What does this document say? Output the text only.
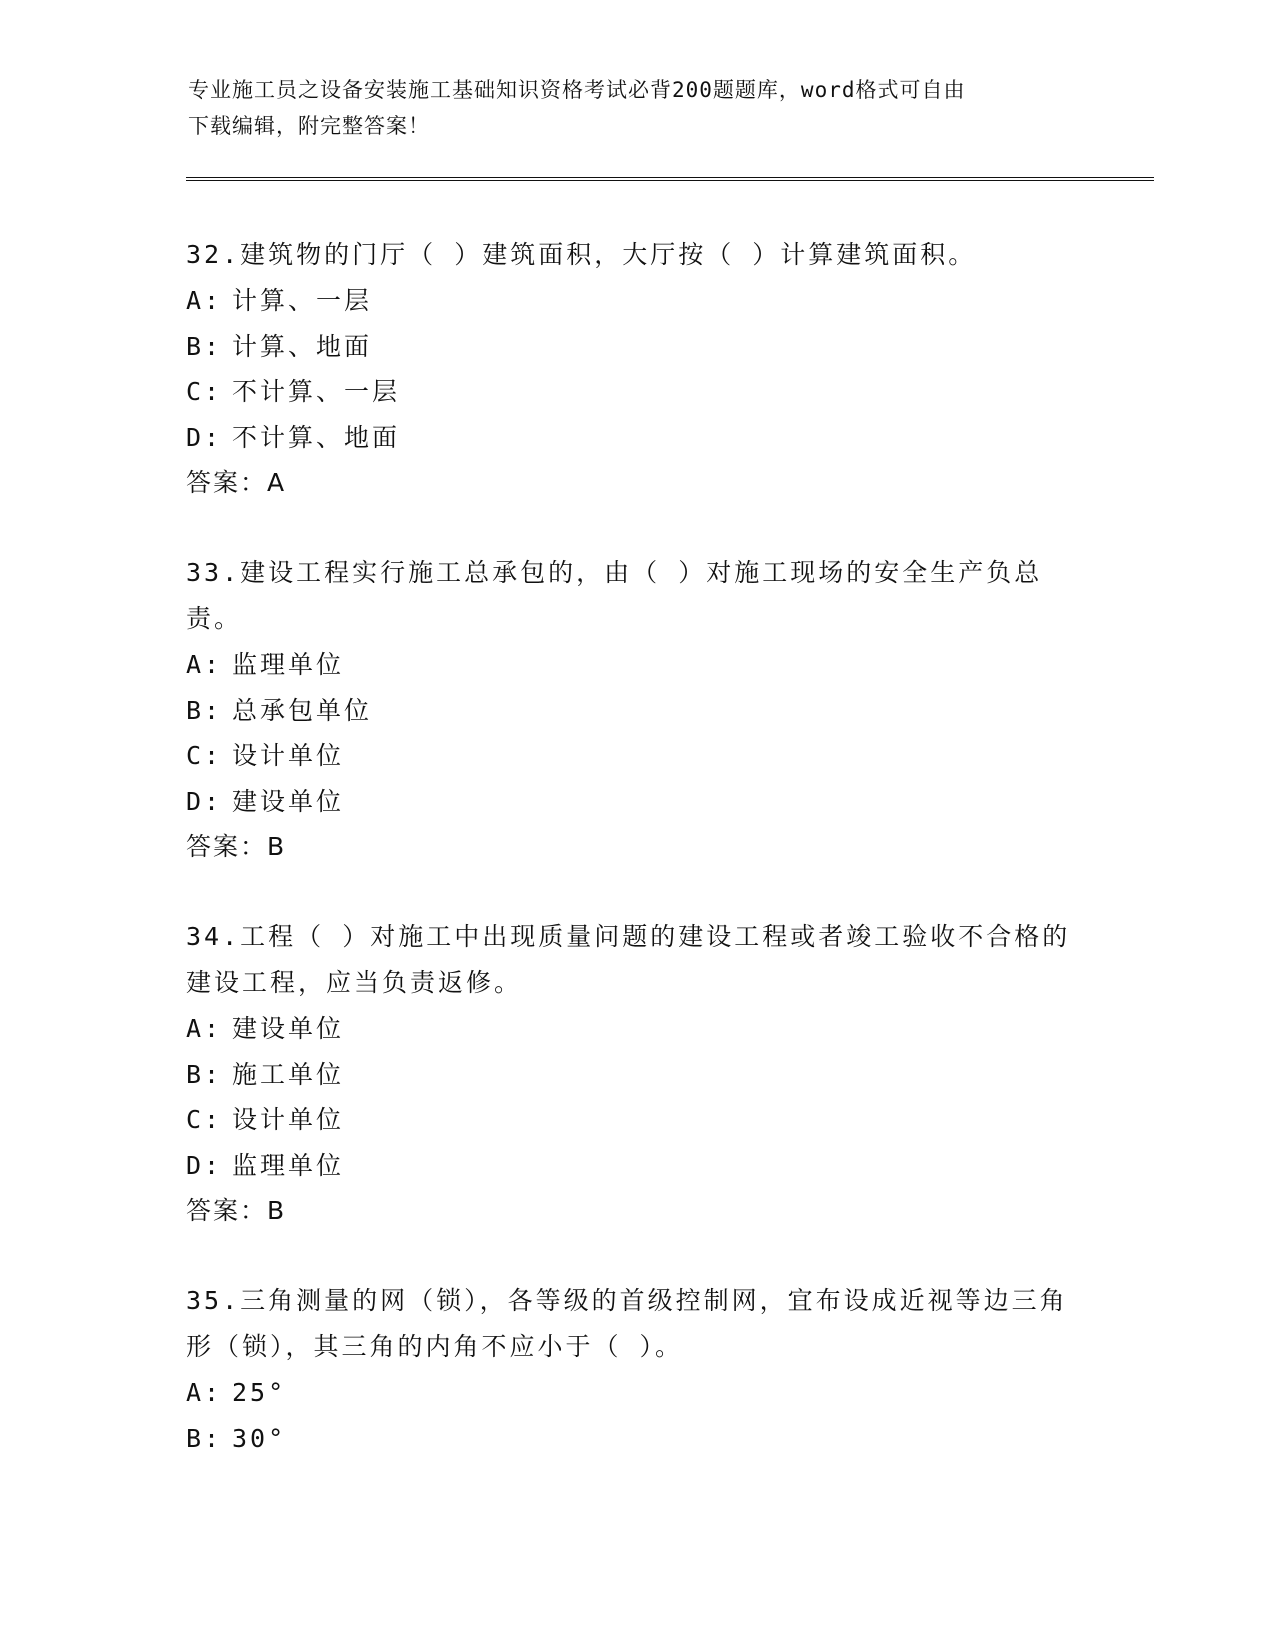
专业施工员之设备安装施工基础知识资格考试必背200题题库，word格式可自由
下载编辑，附完整答案！
32.建筑物的门厅（ ）建筑面积，大厅按（ ）计算建筑面积。
A: 计算、一层
B: 计算、地面
C: 不计算、一层
D: 不计算、地面
答案：A
33.建设工程实行施工总承包的，由（ ）对施工现场的安全生产负总责。
A: 监理单位
B: 总承包单位
C: 设计单位
D: 建设单位
答案：B
34.工程（ ）对施工中出现质量问题的建设工程或者竣工验收不合格的建设工程，应当负责返修。
A: 建设单位
B: 施工单位
C: 设计单位
D: 监理单位
答案：B
35.三角测量的网（锁），各等级的首级控制网，宜布设成近视等边三角形（锁），其三角的内角不应小于（ ）。
A: 25°
B: 30°
